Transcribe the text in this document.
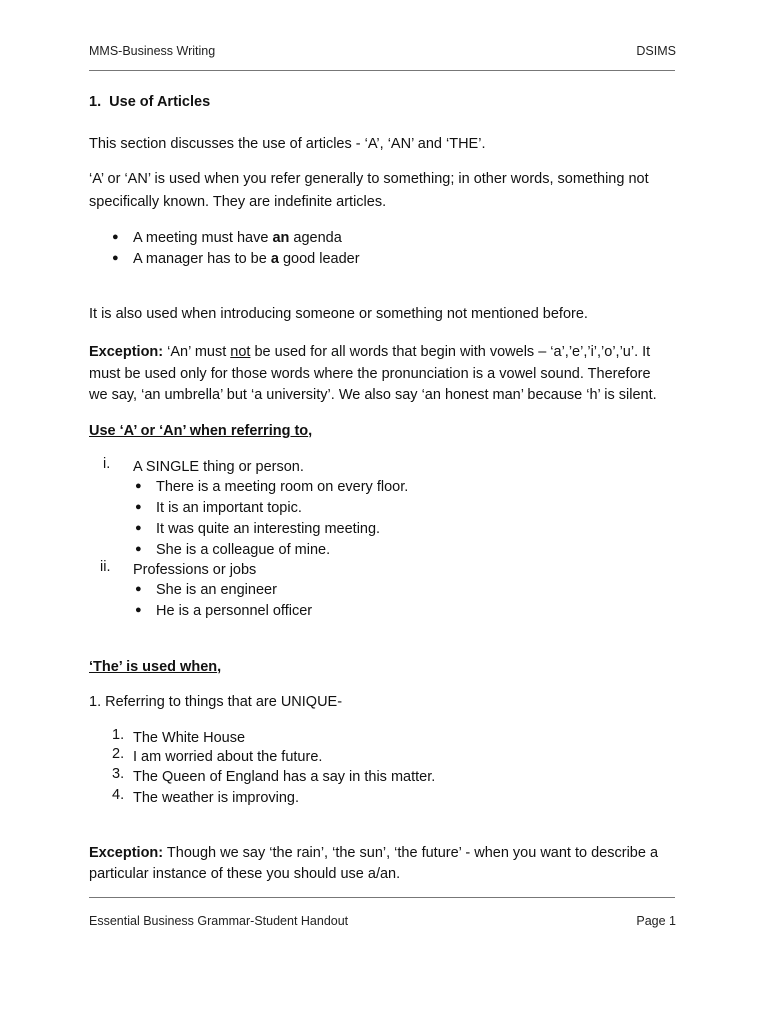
MMS-Business Writing	DSIMS
1. Use of Articles
This section discusses the use of articles - ‘A’, ‘AN’ and ‘THE’.
‘A’ or ‘AN’ is used when you refer generally to something; in other words, something not
specifically known. They are indefinite articles.
● A meeting must have an agenda
● A manager has to be a good leader
It is also used when introducing someone or something not mentioned before.
Exception: ‘An’ must not be used for all words that begin with vowels – ‘a’,’e’,’i’,’o’,’u’. It
must be used only for those words where the pronunciation is a vowel sound. Therefore
we say, ‘an umbrella’ but ‘a university’. We also say ‘an honest man’ because ‘h’ is silent.
Use ‘A’ or ‘An’ when referring to,
i. A SINGLE thing or person.
● There is a meeting room on every floor.
● It is an important topic.
● It was quite an interesting meeting.
● She is a colleague of mine.
ii. Professions or jobs
● She is an engineer
● He is a personnel officer
‘The’ is used when,
1. Referring to things that are UNIQUE-
1. The White House
2. I am worried about the future.
3. The Queen of England has a say in this matter.
4. The weather is improving.
Exception: Though we say ‘the rain’, ‘the sun’, ‘the future’ - when you want to describe a
particular instance of these you should use a/an.
Essential Business Grammar-Student Handout	Page 1
